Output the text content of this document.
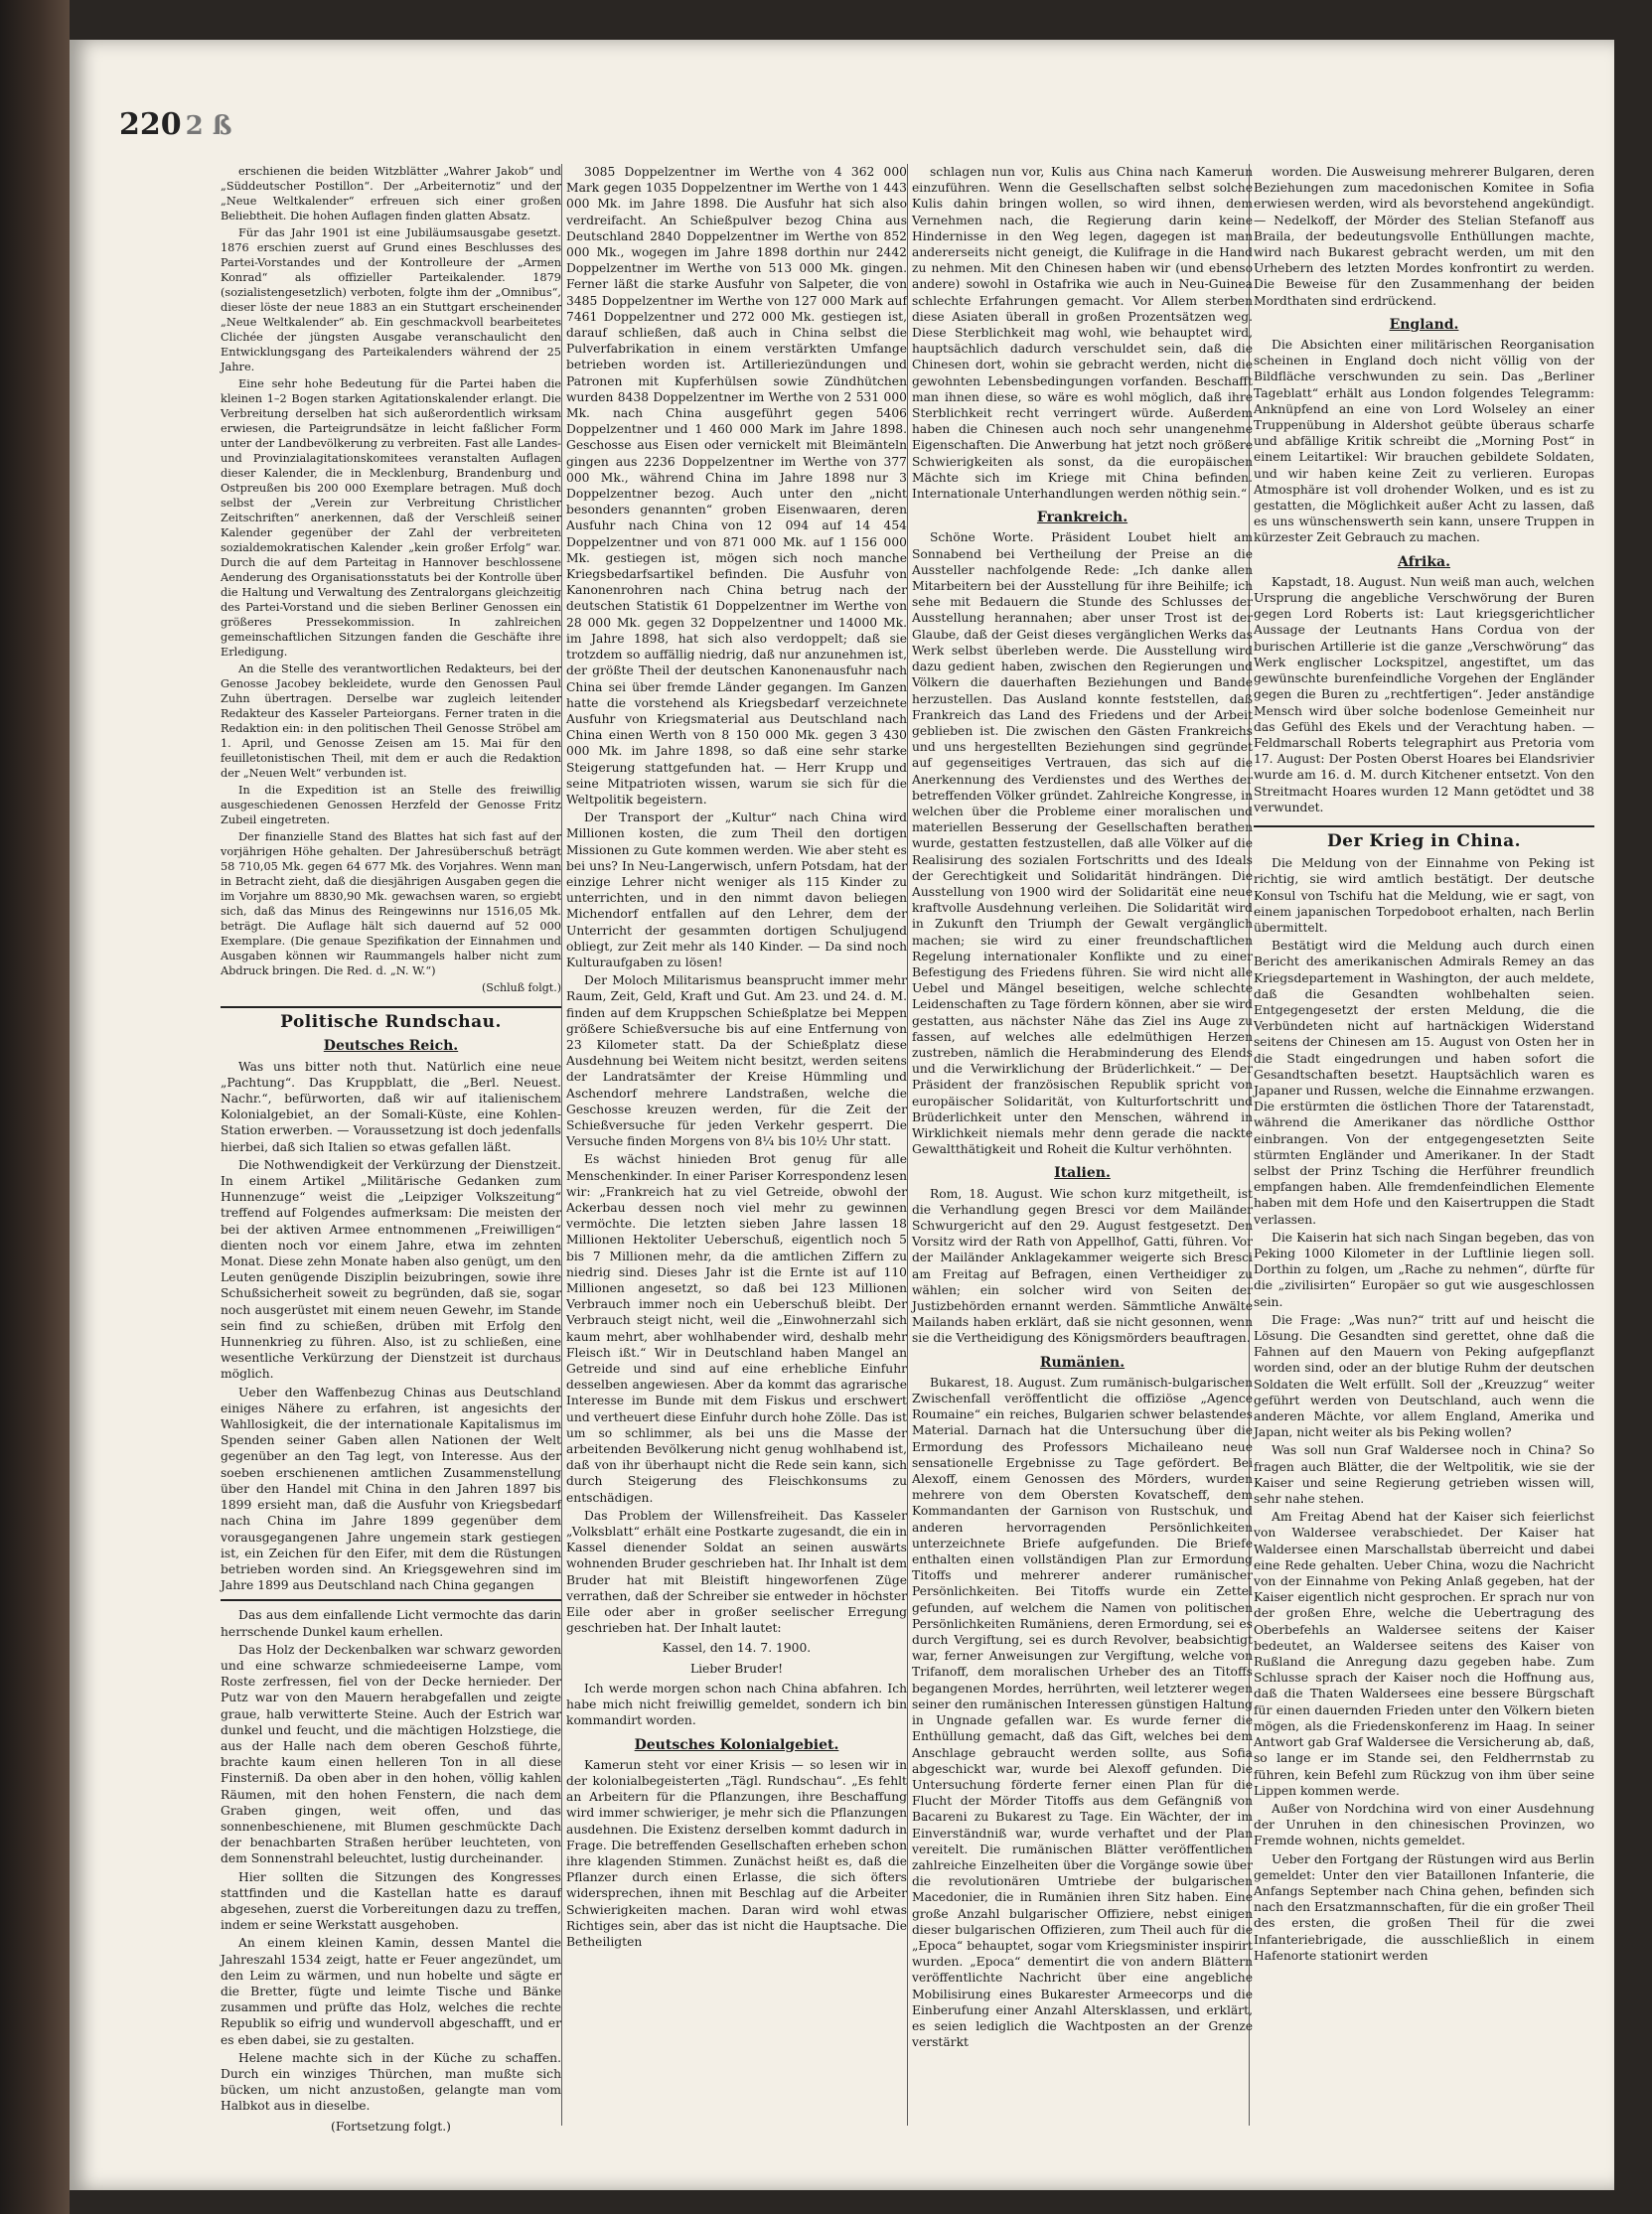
220 2 ß

erschienen die beiden Witzblätter „Wahrer Jakob“ und „Süddeutscher Postillon“. Der „Arbeiternotiz“ und der „Neue Weltkalender“ erfreuen sich einer großen Beliebtheit. Die hohen Auflagen finden glatten Absatz.

Für das Jahr 1901 ist eine Jubiläumsausgabe gesetzt. 1876 erschien zuerst auf Grund eines Beschlusses des Partei-Vorstandes und der Kontrolleure der „Armen Konrad“ als offizieller Parteikalender. 1879 (sozialistengesetzlich) verboten, folgte ihm der „Omnibus“, dieser löste der neue 1883 an ein Stuttgart erscheinender „Neue Weltkalender“ ab. Ein geschmackvoll bearbeitetes Clichée der jüngsten Ausgabe veranschaulicht den Entwicklungsgang des Parteikalenders während der 25 Jahre.

Eine sehr hohe Bedeutung für die Partei haben die kleinen 1–2 Bogen starken Agitationskalender erlangt. Die Verbreitung derselben hat sich außerordentlich wirksam erwiesen, die Parteigrundsätze in leicht faßlicher Form unter der Landbevölkerung zu verbreiten. Fast alle Landes- und Provinzialagitationskomitees veranstalten Auflagen dieser Kalender, die in Mecklenburg, Brandenburg und Ostpreußen bis 200 000 Exemplare betragen. Muß doch selbst der „Verein zur Verbreitung Christlicher Zeitschriften“ anerkennen, daß der Verschleiß seiner Kalender gegenüber der Zahl der verbreiteten sozialdemokratischen Kalender „kein großer Erfolg“ war. Durch die auf dem Parteitag in Hannover beschlossene Aenderung des Organisationsstatuts bei der Kontrolle über die Haltung und Verwaltung des Zentralorgans gleichzeitig des Partei-Vorstand und die sieben Berliner Genossen ein größeres Pressekommission. In zahlreichen gemeinschaftlichen Sitzungen fanden die Geschäfte ihre Erledigung.

An die Stelle des verantwortlichen Redakteurs, bei der Genosse Jacobey bekleidete, wurde den Genossen Paul Zuhn übertragen. Derselbe war zugleich leitender Redakteur des Kasseler Parteiorgans. Ferner traten in die Redaktion ein: in den politischen Theil Genosse Ströbel am 1. April, und Genosse Zeisen am 15. Mai für den feuilletonistischen Theil, mit dem er auch die Redaktion der „Neuen Welt“ verbunden ist.

In die Expedition ist an Stelle des freiwillig ausgeschiedenen Genossen Herzfeld der Genosse Fritz Zubeil eingetreten.

Der finanzielle Stand des Blattes hat sich fast auf der vorjährigen Höhe gehalten. Der Jahresüberschuß beträgt 58 710,05 Mk. gegen 64 677 Mk. des Vorjahres. Wenn man in Betracht zieht, daß die diesjährigen Ausgaben gegen die im Vorjahre um 8830,90 Mk. gewachsen waren, so ergiebt sich, daß das Minus des Reingewinns nur 1516,05 Mk. beträgt. Die Auflage hält sich dauernd auf 52 000 Exemplare. (Die genaue Spezifikation der Einnahmen und Ausgaben können wir Raummangels halber nicht zum Abdruck bringen. Die Red. d. „N. W.“)

(Schluß folgt.)

Politische Rundschau.
Deutsches Reich.

Was uns bitter noth thut. Natürlich eine neue „Pachtung“. Das Kruppblatt, die „Berl. Neuest. Nachr.“, befürworten, daß wir auf italienischem Kolonialgebiet, an der Somali-Küste, eine Kohlen-Station erwerben. — Voraussetzung ist doch jedenfalls hierbei, daß sich Italien so etwas gefallen läßt.

Die Nothwendigkeit der Verkürzung der Dienstzeit. In einem Artikel „Militärische Gedanken zum Hunnenzuge“ weist die „Leipziger Volkszeitung“ treffend auf Folgendes aufmerksam: Die meisten der bei der aktiven Armee entnommenen „Freiwilligen“ dienten noch vor einem Jahre, etwa im zehnten Monat. Diese zehn Monate haben also genügt, um den Leuten genügende Disziplin beizubringen, sowie ihre Schußsicherheit soweit zu begründen, daß sie, sogar noch ausgerüstet mit einem neuen Gewehr, im Stande sein find zu schießen, drüben mit Erfolg den Hunnenkrieg zu führen. Also, ist zu schließen, eine wesentliche Verkürzung der Dienstzeit ist durchaus möglich.

Ueber den Waffenbezug Chinas aus Deutschland einiges Nähere zu erfahren, ist angesichts der Wahllosigkeit, die der internationale Kapitalismus im Spenden seiner Gaben allen Nationen der Welt gegenüber an den Tag legt, von Interesse. Aus der soeben erschienenen amtlichen Zusammenstellung über den Handel mit China in den Jahren 1897 bis 1899 ersieht man, daß die Ausfuhr von Kriegsbedarf nach China im Jahre 1899 gegenüber dem vorausgegangenen Jahre ungemein stark gestiegen ist, ein Zeichen für den Eifer, mit dem die Rüstungen betrieben worden sind. An Kriegsgewehren sind im Jahre 1899 aus Deutschland nach China gegangen

Das aus dem einfallende Licht vermochte das darin herrschende Dunkel kaum erhellen.

Das Holz der Deckenbalken war schwarz geworden und eine schwarze schmiedeeiserne Lampe, vom Roste zerfressen, fiel von der Decke hernieder. Der Putz war von den Mauern herabgefallen und zeigte graue, halb verwitterte Steine. Auch der Estrich war dunkel und feucht, und die mächtigen Holzstiege, die aus der Halle nach dem oberen Geschoß führte, brachte kaum einen helleren Ton in all diese Finsterniß. Da oben aber in den hohen, völlig kahlen Räumen, mit den hohen Fenstern, die nach dem Graben gingen, weit offen, und das sonnenbeschienene, mit Blumen geschmückte Dach der benachbarten Straßen herüber leuchteten, von dem Sonnenstrahl beleuchtet, lustig durcheinander.

Hier sollten die Sitzungen des Kongresses stattfinden und die Kastellan hatte es darauf abgesehen, zuerst die Vorbereitungen dazu zu treffen, indem er seine Werkstatt ausgehoben.

An einem kleinen Kamin, dessen Mantel die Jahreszahl 1534 zeigt, hatte er Feuer angezündet, um den Leim zu wärmen, und nun hobelte und sägte er die Bretter, fügte und leimte Tische und Bänke zusammen und prüfte das Holz, welches die rechte Republik so eifrig und wundervoll abgeschafft, und er es eben dabei, sie zu gestalten.

Helene machte sich in der Küche zu schaffen. Durch ein winziges Thürchen, man mußte sich bücken, um nicht anzustoßen, gelangte man vom Halbkot aus in dieselbe.

(Fortsetzung folgt.)

3085 Doppelzentner im Werthe von 4 362 000 Mark gegen 1035 Doppelzentner im Werthe von 1 443 000 Mk. im Jahre 1898. Die Ausfuhr hat sich also verdreifacht. An Schießpulver bezog China aus Deutschland 2840 Doppelzentner im Werthe von 852 000 Mk., wogegen im Jahre 1898 dorthin nur 2442 Doppelzentner im Werthe von 513 000 Mk. gingen. Ferner läßt die starke Ausfuhr von Salpeter, die von 3485 Doppelzentner im Werthe von 127 000 Mark auf 7461 Doppelzentner und 272 000 Mk. gestiegen ist, darauf schließen, daß auch in China selbst die Pulverfabrikation in einem verstärkten Umfange betrieben worden ist. Artilleriezündungen und Patronen mit Kupferhülsen sowie Zündhütchen wurden 8438 Doppelzentner im Werthe von 2 531 000 Mk. nach China ausgeführt gegen 5406 Doppelzentner und 1 460 000 Mark im Jahre 1898. Geschosse aus Eisen oder vernickelt mit Bleimänteln gingen aus 2236 Doppelzentner im Werthe von 377 000 Mk., während China im Jahre 1898 nur 3 Doppelzentner bezog. Auch unter den „nicht besonders genannten“ groben Eisenwaaren, deren Ausfuhr nach China von 12 094 auf 14 454 Doppelzentner und von 871 000 Mk. auf 1 156 000 Mk. gestiegen ist, mögen sich noch manche Kriegsbedarfsartikel befinden. Die Ausfuhr von Kanonenrohren nach China betrug nach der deutschen Statistik 61 Doppelzentner im Werthe von 28 000 Mk. gegen 32 Doppelzentner und 14000 Mk. im Jahre 1898, hat sich also verdoppelt; daß sie trotzdem so auffällig niedrig, daß nur anzunehmen ist, der größte Theil der deutschen Kanonenausfuhr nach China sei über fremde Länder gegangen. Im Ganzen hatte die vorstehend als Kriegsbedarf verzeichnete Ausfuhr von Kriegsmaterial aus Deutschland nach China einen Werth von 8 150 000 Mk. gegen 3 430 000 Mk. im Jahre 1898, so daß eine sehr starke Steigerung stattgefunden hat. — Herr Krupp und seine Mitpatrioten wissen, warum sie sich für die Weltpolitik begeistern.

Der Transport der „Kultur“ nach China wird Millionen kosten, die zum Theil den dortigen Missionen zu Gute kommen werden. Wie aber steht es bei uns? In Neu-Langerwisch, unfern Potsdam, hat der einzige Lehrer nicht weniger als 115 Kinder zu unterrichten, und in den nimmt davon beliegen Michendorf entfallen auf den Lehrer, dem der Unterricht der gesammten dortigen Schuljugend obliegt, zur Zeit mehr als 140 Kinder. — Da sind noch Kulturaufgaben zu lösen!

Der Moloch Militarismus beansprucht immer mehr Raum, Zeit, Geld, Kraft und Gut. Am 23. und 24. d. M. finden auf dem Kruppschen Schießplatze bei Meppen größere Schießversuche bis auf eine Entfernung von 23 Kilometer statt. Da der Schießplatz diese Ausdehnung bei Weitem nicht besitzt, werden seitens der Landratsämter der Kreise Hümmling und Aschendorf mehrere Landstraßen, welche die Geschosse kreuzen werden, für die Zeit der Schießversuche für jeden Verkehr gesperrt. Die Versuche finden Morgens von 8¼ bis 10½ Uhr statt.

Es wächst hinieden Brot genug für alle Menschenkinder. In einer Pariser Korrespondenz lesen wir: „Frankreich hat zu viel Getreide, obwohl der Ackerbau dessen noch viel mehr zu gewinnen vermöchte. Die letzten sieben Jahre lassen 18 Millionen Hektoliter Ueberschuß, eigentlich noch 5 bis 7 Millionen mehr, da die amtlichen Ziffern zu niedrig sind. Dieses Jahr ist die Ernte ist auf 110 Millionen angesetzt, so daß bei 123 Millionen Verbrauch immer noch ein Ueberschuß bleibt. Der Verbrauch steigt nicht, weil die „Einwohnerzahl sich kaum mehrt, aber wohlhabender wird, deshalb mehr Fleisch ißt.“ Wir in Deutschland haben Mangel an Getreide und sind auf eine erhebliche Einfuhr desselben angewiesen. Aber da kommt das agrarische Interesse im Bunde mit dem Fiskus und erschwert und vertheuert diese Einfuhr durch hohe Zölle. Das ist um so schlimmer, als bei uns die Masse der arbeitenden Bevölkerung nicht genug wohlhabend ist, daß von ihr überhaupt nicht die Rede sein kann, sich durch Steigerung des Fleischkonsums zu entschädigen.

Das Problem der Willensfreiheit. Das Kasseler „Volksblatt“ erhält eine Postkarte zugesandt, die ein in Kassel dienender Soldat an seinen auswärts wohnenden Bruder geschrieben hat. Ihr Inhalt ist dem Bruder hat mit Bleistift hingeworfenen Züge verrathen, daß der Schreiber sie entweder in höchster Eile oder aber in großer seelischer Erregung geschrieben hat. Der Inhalt lautet:

Kassel, den 14. 7. 1900.

Lieber Bruder!

Ich werde morgen schon nach China abfahren. Ich habe mich nicht freiwillig gemeldet, sondern ich bin kommandirt worden.

Deutsches Kolonialgebiet.

Kamerun steht vor einer Krisis — so lesen wir in der kolonialbegeisterten „Tägl. Rundschau“. „Es fehlt an Arbeitern für die Pflanzungen, ihre Beschaffung wird immer schwieriger, je mehr sich die Pflanzungen ausdehnen. Die Existenz derselben kommt dadurch in Frage. Die betreffenden Gesellschaften erheben schon ihre klagenden Stimmen. Zunächst heißt es, daß die Pflanzer durch einen Erlasse, die sich öfters widersprechen, ihnen mit Beschlag auf die Arbeiter Schwierigkeiten machen. Daran wird wohl etwas Richtiges sein, aber das ist nicht die Hauptsache. Die Betheiligten

schlagen nun vor, Kulis aus China nach Kamerun einzuführen. Wenn die Gesellschaften selbst solche Kulis dahin bringen wollen, so wird ihnen, dem Vernehmen nach, die Regierung darin keine Hindernisse in den Weg legen, dagegen ist man andererseits nicht geneigt, die Kulifrage in die Hand zu nehmen. Mit den Chinesen haben wir (und ebenso andere) sowohl in Ostafrika wie auch in Neu-Guinea schlechte Erfahrungen gemacht. Vor Allem sterben diese Asiaten überall in großen Prozentsätzen weg. Diese Sterblichkeit mag wohl, wie behauptet wird, hauptsächlich dadurch verschuldet sein, daß die Chinesen dort, wohin sie gebracht werden, nicht die gewohnten Lebensbedingungen vorfanden. Beschafft man ihnen diese, so wäre es wohl möglich, daß ihre Sterblichkeit recht verringert würde. Außerdem haben die Chinesen auch noch sehr unangenehme Eigenschaften. Die Anwerbung hat jetzt noch größere Schwierigkeiten als sonst, da die europäischen Mächte sich im Kriege mit China befinden. Internationale Unterhandlungen werden nöthig sein.“

Frankreich.

Schöne Worte. Präsident Loubet hielt am Sonnabend bei Vertheilung der Preise an die Aussteller nachfolgende Rede: „Ich danke allen Mitarbeitern bei der Ausstellung für ihre Beihilfe; ich sehe mit Bedauern die Stunde des Schlusses der Ausstellung herannahen; aber unser Trost ist der Glaube, daß der Geist dieses vergänglichen Werks das Werk selbst überleben werde. Die Ausstellung wird dazu gedient haben, zwischen den Regierungen und Völkern die dauerhaften Beziehungen und Bande herzustellen. Das Ausland konnte feststellen, daß Frankreich das Land des Friedens und der Arbeit geblieben ist. Die zwischen den Gästen Frankreichs und uns hergestellten Beziehungen sind gegründet auf gegenseitiges Vertrauen, das sich auf die Anerkennung des Verdienstes und des Werthes der betreffenden Völker gründet. Zahlreiche Kongresse, in welchen über die Probleme einer moralischen und materiellen Besserung der Gesellschaften berathen wurde, gestatten festzustellen, daß alle Völker auf die Realisirung des sozialen Fortschritts und des Ideals der Gerechtigkeit und Solidarität hindrängen. Die Ausstellung von 1900 wird der Solidarität eine neue kraftvolle Ausdehnung verleihen. Die Solidarität wird in Zukunft den Triumph der Gewalt vergänglich machen; sie wird zu einer freundschaftlichen Regelung internationaler Konflikte und zu einer Befestigung des Friedens führen. Sie wird nicht alle Uebel und Mängel beseitigen, welche schlechte Leidenschaften zu Tage fördern können, aber sie wird gestatten, aus nächster Nähe das Ziel ins Auge zu fassen, auf welches alle edelmüthigen Herzen zustreben, nämlich die Herabminderung des Elends und die Verwirklichung der Brüderlichkeit.“ — Der Präsident der französischen Republik spricht von europäischer Solidarität, von Kulturfortschritt und Brüderlichkeit unter den Menschen, während in Wirklichkeit niemals mehr denn gerade die nackte Gewaltthätigkeit und Roheit die Kultur verhöhnten.

Italien.

Rom, 18. August. Wie schon kurz mitgetheilt, ist die Verhandlung gegen Bresci vor dem Mailänder Schwurgericht auf den 29. August festgesetzt. Den Vorsitz wird der Rath von Appellhof, Gatti, führen. Vor der Mailänder Anklagekammer weigerte sich Bresci am Freitag auf Befragen, einen Vertheidiger zu wählen; ein solcher wird von Seiten der Justizbehörden ernannt werden. Sämmtliche Anwälte Mailands haben erklärt, daß sie nicht gesonnen, wenn sie die Vertheidigung des Königsmörders beauftragen.

Rumänien.

Bukarest, 18. August. Zum rumänisch-bulgarischen Zwischenfall veröffentlicht die offiziöse „Agence Roumaine“ ein reiches, Bulgarien schwer belastendes Material. Darnach hat die Untersuchung über die Ermordung des Professors Michaileano neue sensationelle Ergebnisse zu Tage gefördert. Bei Alexoff, einem Genossen des Mörders, wurden mehrere von dem Obersten Kovatscheff, dem Kommandanten der Garnison von Rustschuk, und anderen hervorragenden Persönlichkeiten unterzeichnete Briefe aufgefunden. Die Briefe enthalten einen vollständigen Plan zur Ermordung Titoffs und mehrerer anderer rumänischer Persönlichkeiten. Bei Titoffs wurde ein Zettel gefunden, auf welchem die Namen von politischen Persönlichkeiten Rumäniens, deren Ermordung, sei es durch Vergiftung, sei es durch Revolver, beabsichtigt war, ferner Anweisungen zur Vergiftung, welche von Trifanoff, dem moralischen Urheber des an Titoffs begangenen Mordes, herrührten, weil letzterer wegen seiner den rumänischen Interessen günstigen Haltung in Ungnade gefallen war. Es wurde ferner die Enthüllung gemacht, daß das Gift, welches bei dem Anschlage gebraucht werden sollte, aus Sofia abgeschickt war, wurde bei Alexoff gefunden. Die Untersuchung förderte ferner einen Plan für die Flucht der Mörder Titoffs aus dem Gefängniß von Bacareni zu Bukarest zu Tage. Ein Wächter, der im Einverständniß war, wurde verhaftet und der Plan vereitelt. Die rumänischen Blätter veröffentlichen zahlreiche Einzelheiten über die Vorgänge sowie über die revolutionären Umtriebe der bulgarischen Macedonier, die in Rumänien ihren Sitz haben. Eine große Anzahl bulgarischer Offiziere, nebst einigen dieser bulgarischen Offizieren, zum Theil auch für die „Epoca“ behauptet, sogar vom Kriegsminister inspirirt wurden. „Epoca“ dementirt die von andern Blättern veröffentlichte Nachricht über eine angebliche Mobilisirung eines Bukarester Armeecorps und die Einberufung einer Anzahl Altersklassen, und erklärt, es seien lediglich die Wachtposten an der Grenze verstärkt

worden. Die Ausweisung mehrerer Bulgaren, deren Beziehungen zum macedonischen Komitee in Sofia erwiesen werden, wird als bevorstehend angekündigt. — Nedelkoff, der Mörder des Stelian Stefanoff aus Braila, der bedeutungsvolle Enthüllungen machte, wird nach Bukarest gebracht werden, um mit den Urhebern des letzten Mordes konfrontirt zu werden. Die Beweise für den Zusammenhang der beiden Mordthaten sind erdrückend.

England.

Die Absichten einer militärischen Reorganisation scheinen in England doch nicht völlig von der Bildfläche verschwunden zu sein. Das „Berliner Tageblatt“ erhält aus London folgendes Telegramm: Anknüpfend an eine von Lord Wolseley an einer Truppenübung in Aldershot geübte überaus scharfe und abfällige Kritik schreibt die „Morning Post“ in einem Leitartikel: Wir brauchen gebildete Soldaten, und wir haben keine Zeit zu verlieren. Europas Atmosphäre ist voll drohender Wolken, und es ist zu gestatten, die Möglichkeit außer Acht zu lassen, daß es uns wünschenswerth sein kann, unsere Truppen in kürzester Zeit Gebrauch zu machen.

Afrika.

Kapstadt, 18. August. Nun weiß man auch, welchen Ursprung die angebliche Verschwörung der Buren gegen Lord Roberts ist: Laut kriegsgerichtlicher Aussage der Leutnants Hans Cordua von der burischen Artillerie ist die ganze „Verschwörung“ das Werk englischer Lockspitzel, angestiftet, um das gewünschte burenfeindliche Vorgehen der Engländer gegen die Buren zu „rechtfertigen“. Jeder anständige Mensch wird über solche bodenlose Gemeinheit nur das Gefühl des Ekels und der Verachtung haben. — Feldmarschall Roberts telegraphirt aus Pretoria vom 17. August: Der Posten Oberst Hoares bei Elandsrivier wurde am 16. d. M. durch Kitchener entsetzt. Von den Streitmacht Hoares wurden 12 Mann getödtet und 38 verwundet.

Der Krieg in China.

Die Meldung von der Einnahme von Peking ist richtig, sie wird amtlich bestätigt. Der deutsche Konsul von Tschifu hat die Meldung, wie er sagt, von einem japanischen Torpedoboot erhalten, nach Berlin übermittelt.

Bestätigt wird die Meldung auch durch einen Bericht des amerikanischen Admirals Remey an das Kriegsdepartement in Washington, der auch meldete, daß die Gesandten wohlbehalten seien. Entgegengesetzt der ersten Meldung, die die Verbündeten nicht auf hartnäckigen Widerstand seitens der Chinesen am 15. August von Osten her in die Stadt eingedrungen und haben sofort die Gesandtschaften besetzt. Hauptsächlich waren es Japaner und Russen, welche die Einnahme erzwangen. Die erstürmten die östlichen Thore der Tatarenstadt, während die Amerikaner das nördliche Ostthor einbrangen. Von der entgegengesetzten Seite stürmten Engländer und Amerikaner. In der Stadt selbst der Prinz Tsching die Herführer freundlich empfangen haben. Alle fremdenfeindlichen Elemente haben mit dem Hofe und den Kaisertruppen die Stadt verlassen.

Die Kaiserin hat sich nach Singan begeben, das von Peking 1000 Kilometer in der Luftlinie liegen soll. Dorthin zu folgen, um „Rache zu nehmen“, dürfte für die „zivilisirten“ Europäer so gut wie ausgeschlossen sein.

Die Frage: „Was nun?“ tritt auf und heischt die Lösung. Die Gesandten sind gerettet, ohne daß die Fahnen auf den Mauern von Peking aufgepflanzt worden sind, oder an der blutige Ruhm der deutschen Soldaten die Welt erfüllt. Soll der „Kreuzzug“ weiter geführt werden von Deutschland, auch wenn die anderen Mächte, vor allem England, Amerika und Japan, nicht weiter als bis Peking wollen?

Was soll nun Graf Waldersee noch in China? So fragen auch Blätter, die der Weltpolitik, wie sie der Kaiser und seine Regierung getrieben wissen will, sehr nahe stehen.

Am Freitag Abend hat der Kaiser sich feierlichst von Waldersee verabschiedet. Der Kaiser hat Waldersee einen Marschallstab überreicht und dabei eine Rede gehalten. Ueber China, wozu die Nachricht von der Einnahme von Peking Anlaß gegeben, hat der Kaiser eigentlich nicht gesprochen. Er sprach nur von der großen Ehre, welche die Uebertragung des Oberbefehls an Waldersee seitens der Kaiser bedeutet, an Waldersee seitens des Kaiser von Rußland die Anregung dazu gegeben habe. Zum Schlusse sprach der Kaiser noch die Hoffnung aus, daß die Thaten Waldersees eine bessere Bürgschaft für einen dauernden Frieden unter den Völkern bieten mögen, als die Friedenskonferenz im Haag. In seiner Antwort gab Graf Waldersee die Versicherung ab, daß, so lange er im Stande sei, den Feldherrnstab zu führen, kein Befehl zum Rückzug von ihm über seine Lippen kommen werde.

Außer von Nordchina wird von einer Ausdehnung der Unruhen in den chinesischen Provinzen, wo Fremde wohnen, nichts gemeldet.

Ueber den Fortgang der Rüstungen wird aus Berlin gemeldet: Unter den vier Bataillonen Infanterie, die Anfangs September nach China gehen, befinden sich nach den Ersatzmannschaften, für die ein großer Theil des ersten, die großen Theil für die zwei Infanteriebrigade, die ausschließlich in einem Hafenorte stationirt werden
